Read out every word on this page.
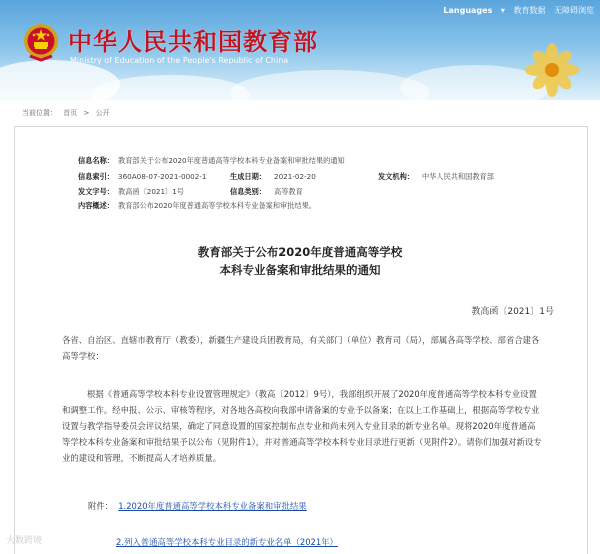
中华人民共和国教育部
Ministry of Education of the People's Republic of China
Languages ▾ 教育数据 无障碍浏览
当前位置： 首页 > 公开
信息名称： 教育部关于公布2020年度普通高等学校本科专业备案和审批结果的通知
信息索引： 360A08-07-2021-0002-1	生成日期： 2021-02-20	发文机构： 中华人民共和国教育部
发文字号： 教高函〔2021〕1号	信息类别： 高等教育
内容概述： 教育部公布2020年度普通高等学校本科专业备案和审批结果。
教育部关于公布2020年度普通高等学校
本科专业备案和审批结果的通知
教高函〔2021〕1号
各省、自治区、直辖市教育厅（教委），新疆生产建设兵团教育局，有关部门（单位）教育司（局），部属各高等学校、部省合建各高等学校：
根据《普通高等学校本科专业设置管理规定》（教高〔2012〕9号），我部组织开展了2020年度普通高等学校本科专业设置和调整工作。经申报、公示、审核等程序，对各地各高校向我部申请备案的专业予以备案；在以上工作基础上，根据高等学校专业设置与教学指导委员会评议结果，确定了同意设置的国家控制布点专业和尚未列入专业目录的新专业名单。现将2020年度普通高等学校本科专业备案和审批结果予以公布（见附件1），并对普通高等学校本科专业目录进行更新（见附件2）。请你们加强对新设专业的建设和管理，不断提高人才培养质量。
附件： 1.2020年度普通高等学校本科专业备案和审批结果
2.列入普通高等学校本科专业目录的新专业名单（2021年）
大数跨境
